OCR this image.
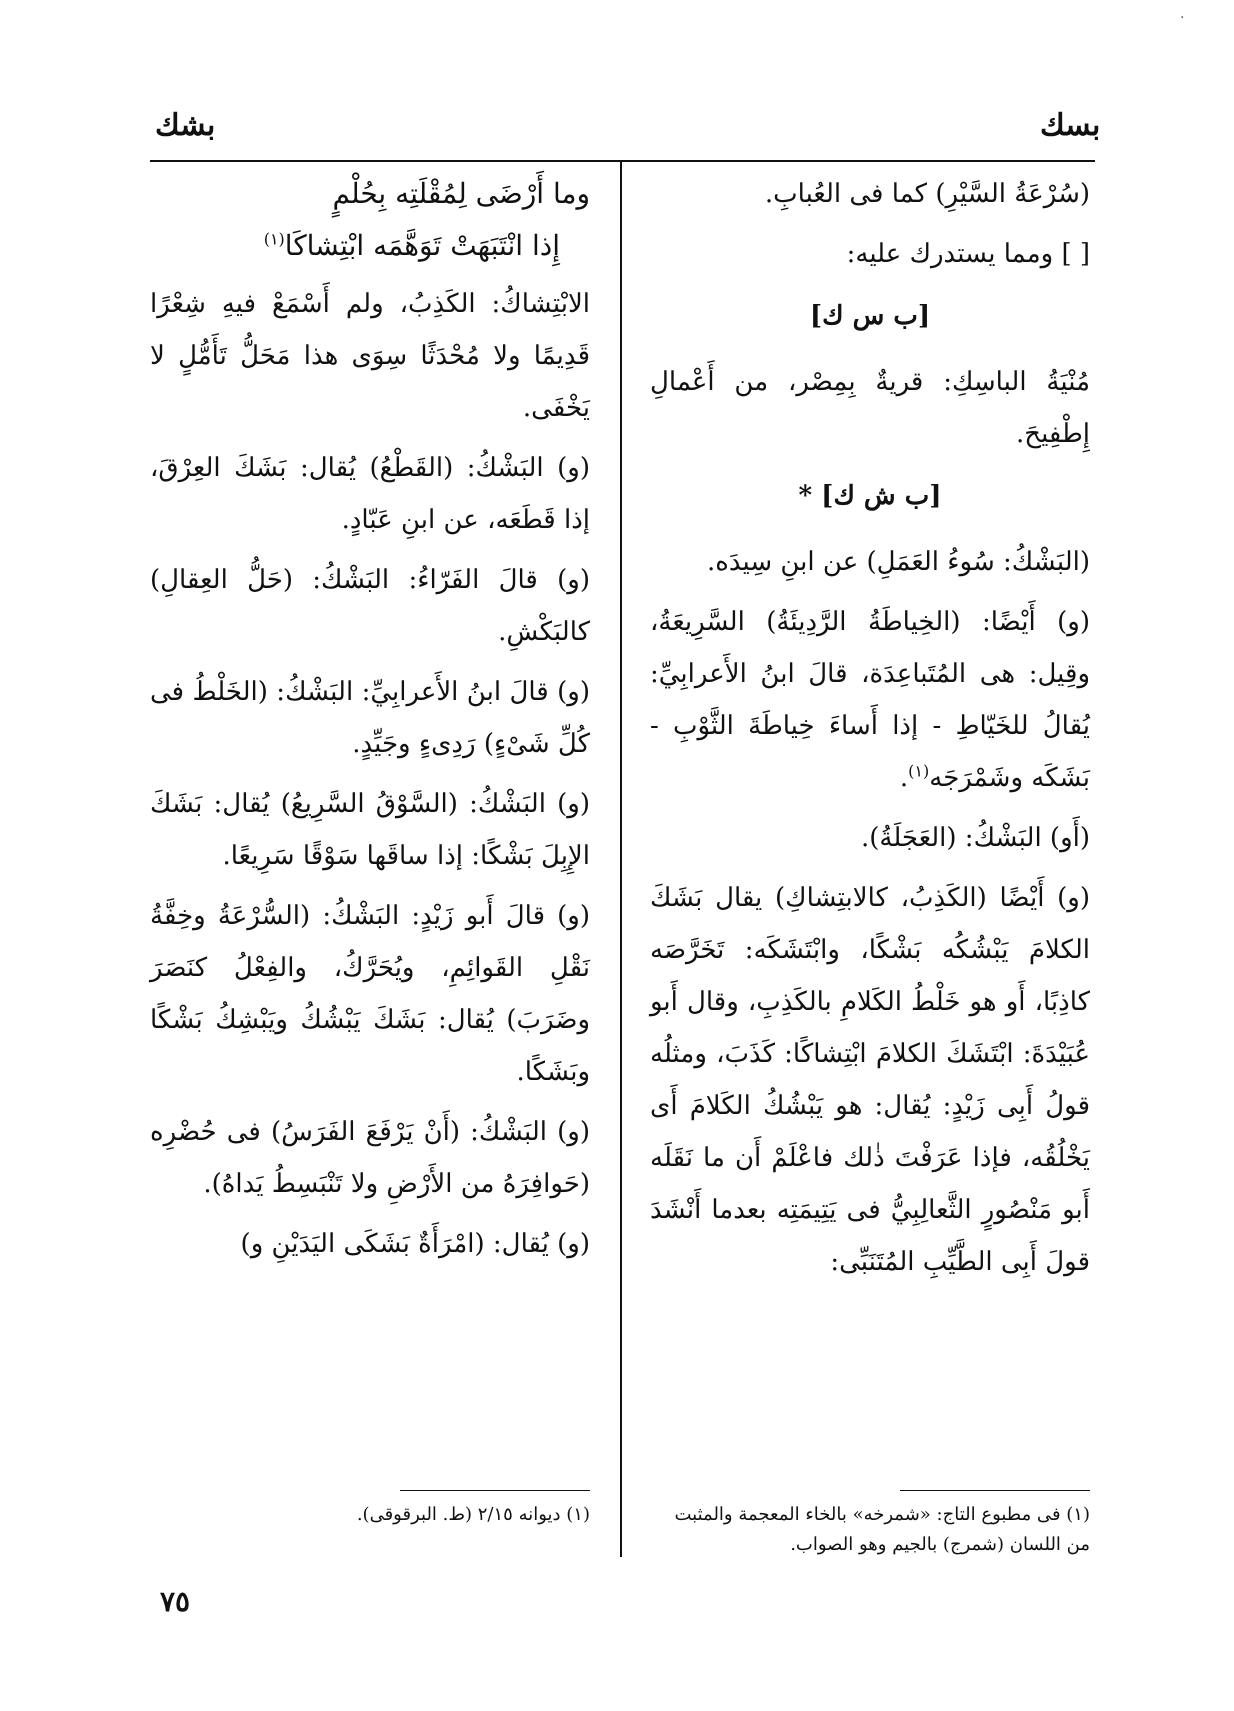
·
بسك
بشك

(سُرْعَةُ السَّيْرِ) كما فى العُبابِ.

[ ] ومما يستدرك عليه:

[ب س ك]

مُنْيَةُ الباسِكِ: قريةٌ بِمِصْر، من أَعْمالِ إِطْفِيحَ.

[ب ش ك] *

(البَشْكُ: سُوءُ العَمَلِ) عن ابنِ سِيدَه.

(و) أَيْضًا: (الخِياطَةُ الرَّدِيئَةُ) السَّرِيعَةُ، وقِيل: هى المُتَباعِدَة، قالَ ابنُ الأَعرابِيِّ: يُقالُ للخَيّاطِ - إذا أَساءَ خِياطَةَ الثَّوْبِ - بَشَكَه وشَمْرَجَه$^{(١)}$.

(أَو) البَشْكُ: (العَجَلَةُ).

(و) أَيْضًا (الكَذِبُ، كالابتِشاكِ) يقال بَشَكَ الكلامَ يَبْشُكُه بَشْكًا، وابْتَشَكَه: تَخَرَّصَه كاذِبًا، أَو هو خَلْطُ الكَلامِ بالكَذِبِ، وقال أَبو عُبَيْدَةَ: ابْتَشَكَ الكلامَ ابْتِشاكًا: كَذَبَ، ومثلُه قولُ أَبِى زَيْدٍ: يُقال: هو يَبْشُكُ الكَلامَ أَى يَخْلُقُه، فإذا عَرَفْتَ ذٰلك فاعْلَمْ أَن ما نَقَلَه أَبو مَنْصُورٍ الثَّعالِبِيُّ فى يَتِيمَتِه بعدما أَنْشَدَ قولَ أَبِى الطَّيِّبِ المُتَنَبِّى:

وما أَرْضَى لِمُقْلَتِه بِحُلْمٍ

إِذا انْتَبَهَتْ تَوَهَّمَه ابْتِشاكَا$^{(١)}$

الابْتِشاكُ: الكَذِبُ، ولم أَسْمَعْ فيهِ شِعْرًا قَدِيمًا ولا مُحْدَثًا سِوَى هذا مَحَلُّ تَأَمُّلٍ لا يَخْفَى.

(و) البَشْكُ: (القَطْعُ) يُقال: بَشَكَ العِرْقَ، إذا قَطَعَه، عن ابنِ عَبّادٍ.

(و) قالَ الفَرّاءُ: البَشْكُ: (حَلُّ العِقالِ) كالبَكْشِ.

(و) قالَ ابنُ الأَعرابِيِّ: البَشْكُ: (الخَلْطُ فى كُلِّ شَىْءٍ) رَدِىءٍ وجَيِّدٍ.

(و) البَشْكُ: (السَّوْقُ السَّرِيعُ) يُقال: بَشَكَ الإِبِلَ بَشْكًا: إذا ساقَها سَوْقًا سَرِيعًا.

(و) قالَ أَبو زَيْدٍ: البَشْكُ: (السُّرْعَةُ وخِفَّةُ نَقْلِ القَوائِمِ، ويُحَرَّكُ، والفِعْلُ كنَصَرَ وضَرَبَ) يُقال: بَشَكَ يَبْشُكُ ويَبْشِكُ بَشْكًا وبَشَكًا.

(و) البَشْكُ: (أَنْ يَرْفَعَ الفَرَسُ) فى حُضْرِه (حَوافِرَهُ من الأَرْضِ ولا تَنْبَسِطُ يَداهُ).

(و) يُقال: (امْرَأَةٌ بَشَكَى اليَدَيْنِ و)

(١) فى مطبوع التاج: «شمرخه» بالخاء المعجمة والمثبت من اللسان (شمرج) بالجيم وهو الصواب.
(١) ديوانه ٢/١٥ (ط. البرقوقى).
٧٥
